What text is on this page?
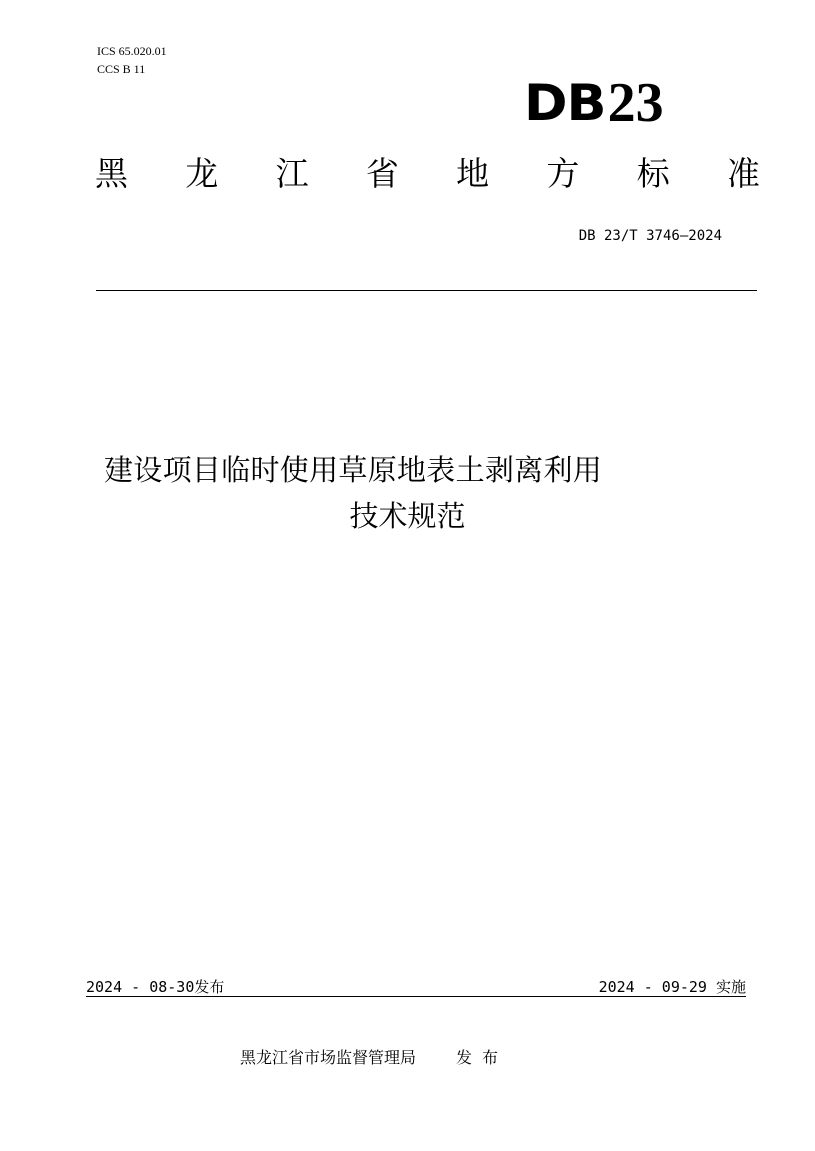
ICS 65.020.01
CCS B 11
DB 23
黑 龙 江 省 地 方 标 准
DB 23/T 3746—2024
建设项目临时使用草原地表土剥离利用
技术规范
2024 - 08-30发布	2024 - 09-29 实施
黑龙江省市场监督管理局	发布
